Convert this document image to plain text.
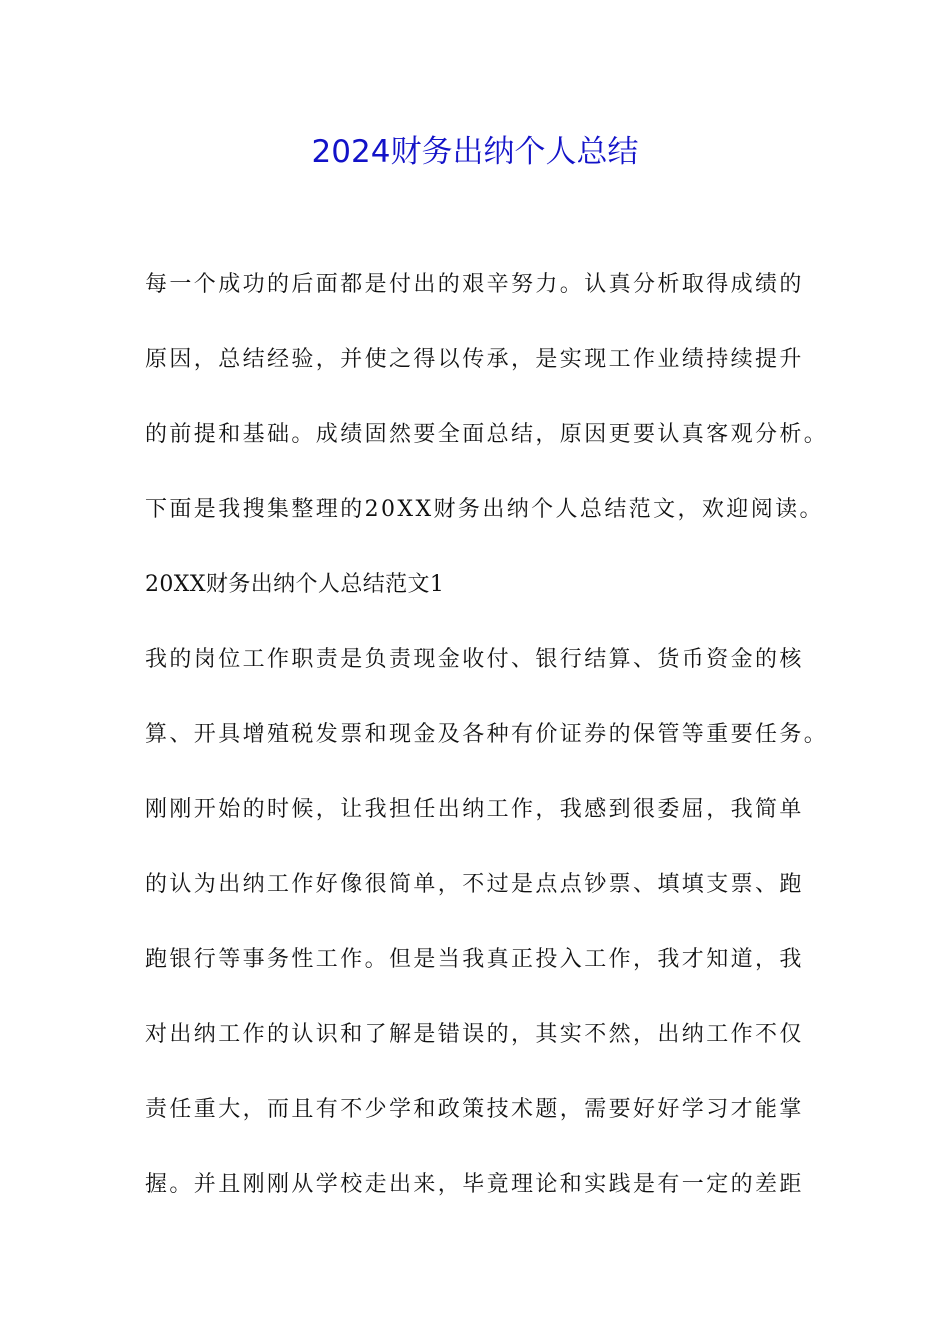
2024财务出纳个人总结
每一个成功的后面都是付出的艰辛努力。认真分析取得成绩的
原因，总结经验，并使之得以传承，是实现工作业绩持续提升
的前提和基础。成绩固然要全面总结，原因更要认真客观分析。
下面是我搜集整理的20XX财务出纳个人总结范文，欢迎阅读。
20XX财务出纳个人总结范文1
我的岗位工作职责是负责现金收付、银行结算、货币资金的核
算、开具增殖税发票和现金及各种有价证券的保管等重要任务。
刚刚开始的时候，让我担任出纳工作，我感到很委屈，我简单
的认为出纳工作好像很简单，不过是点点钞票、填填支票、跑
跑银行等事务性工作。但是当我真正投入工作，我才知道，我
对出纳工作的认识和了解是错误的，其实不然，出纳工作不仅
责任重大，而且有不少学和政策技术题，需要好好学习才能掌
握。并且刚刚从学校走出来，毕竟理论和实践是有一定的差距
